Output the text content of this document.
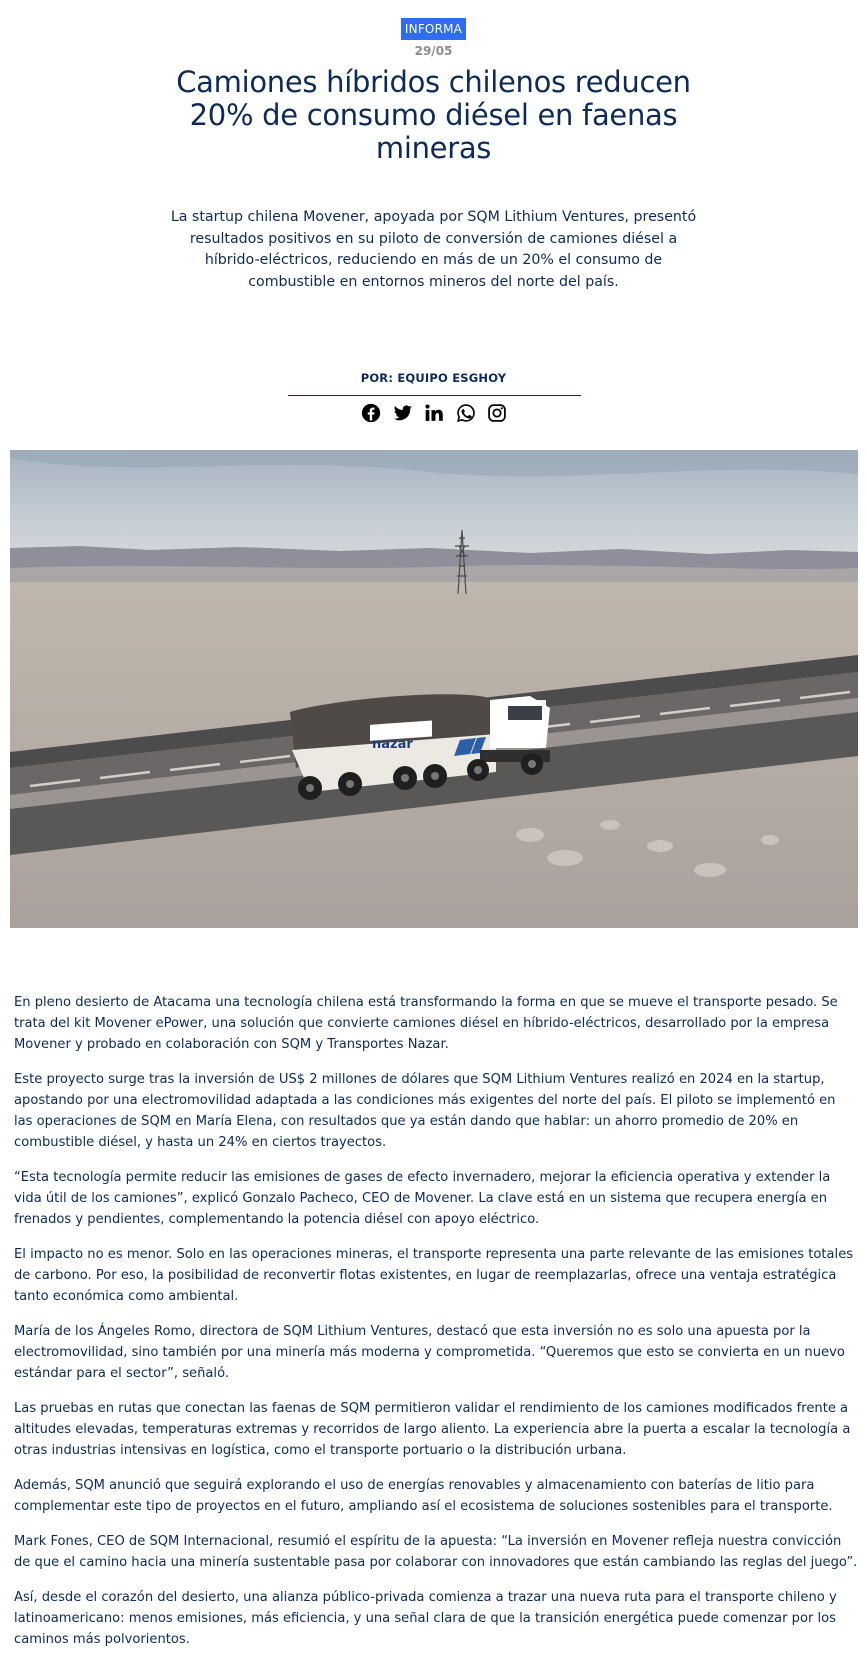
INFORMA
29/05
Camiones híbridos chilenos reducen 20% de consumo diésel en faenas mineras

La startup chilena Movener, apoyada por SQM Lithium Ventures, presentó resultados positivos en su piloto de conversión de camiones diésel a híbrido-eléctricos, reduciendo en más de un 20% el consumo de combustible en entornos mineros del norte del país.

POR: EQUIPO ESGHOY
nazar

En pleno desierto de Atacama una tecnología chilena está transformando la forma en que se mueve el transporte pesado. Se trata del kit Movener ePower, una solución que convierte camiones diésel en híbrido-eléctricos, desarrollado por la empresa Movener y probado en colaboración con SQM y Transportes Nazar.

Este proyecto surge tras la inversión de US$ 2 millones de dólares que SQM Lithium Ventures realizó en 2024 en la startup, apostando por una electromovilidad adaptada a las condiciones más exigentes del norte del país. El piloto se implementó en las operaciones de SQM en María Elena, con resultados que ya están dando que hablar: un ahorro promedio de 20% en combustible diésel, y hasta un 24% en ciertos trayectos.

“Esta tecnología permite reducir las emisiones de gases de efecto invernadero, mejorar la eficiencia operativa y extender la vida útil de los camiones”, explicó Gonzalo Pacheco, CEO de Movener. La clave está en un sistema que recupera energía en frenados y pendientes, complementando la potencia diésel con apoyo eléctrico.

El impacto no es menor. Solo en las operaciones mineras, el transporte representa una parte relevante de las emisiones totales de carbono. Por eso, la posibilidad de reconvertir flotas existentes, en lugar de reemplazarlas, ofrece una ventaja estratégica tanto económica como ambiental.

María de los Ángeles Romo, directora de SQM Lithium Ventures, destacó que esta inversión no es solo una apuesta por la electromovilidad, sino también por una minería más moderna y comprometida. “Queremos que esto se convierta en un nuevo estándar para el sector”, señaló.

Las pruebas en rutas que conectan las faenas de SQM permitieron validar el rendimiento de los camiones modificados frente a altitudes elevadas, temperaturas extremas y recorridos de largo aliento. La experiencia abre la puerta a escalar la tecnología a otras industrias intensivas en logística, como el transporte portuario o la distribución urbana.

Además, SQM anunció que seguirá explorando el uso de energías renovables y almacenamiento con baterías de litio para complementar este tipo de proyectos en el futuro, ampliando así el ecosistema de soluciones sostenibles para el transporte.

Mark Fones, CEO de SQM Internacional, resumió el espíritu de la apuesta: “La inversión en Movener refleja nuestra convicción de que el camino hacia una minería sustentable pasa por colaborar con innovadores que están cambiando las reglas del juego”.

Así, desde el corazón del desierto, una alianza público-privada comienza a trazar una nueva ruta para el transporte chileno y latinoamericano: menos emisiones, más eficiencia, y una señal clara de que la transición energética puede comenzar por los caminos más polvorientos.
